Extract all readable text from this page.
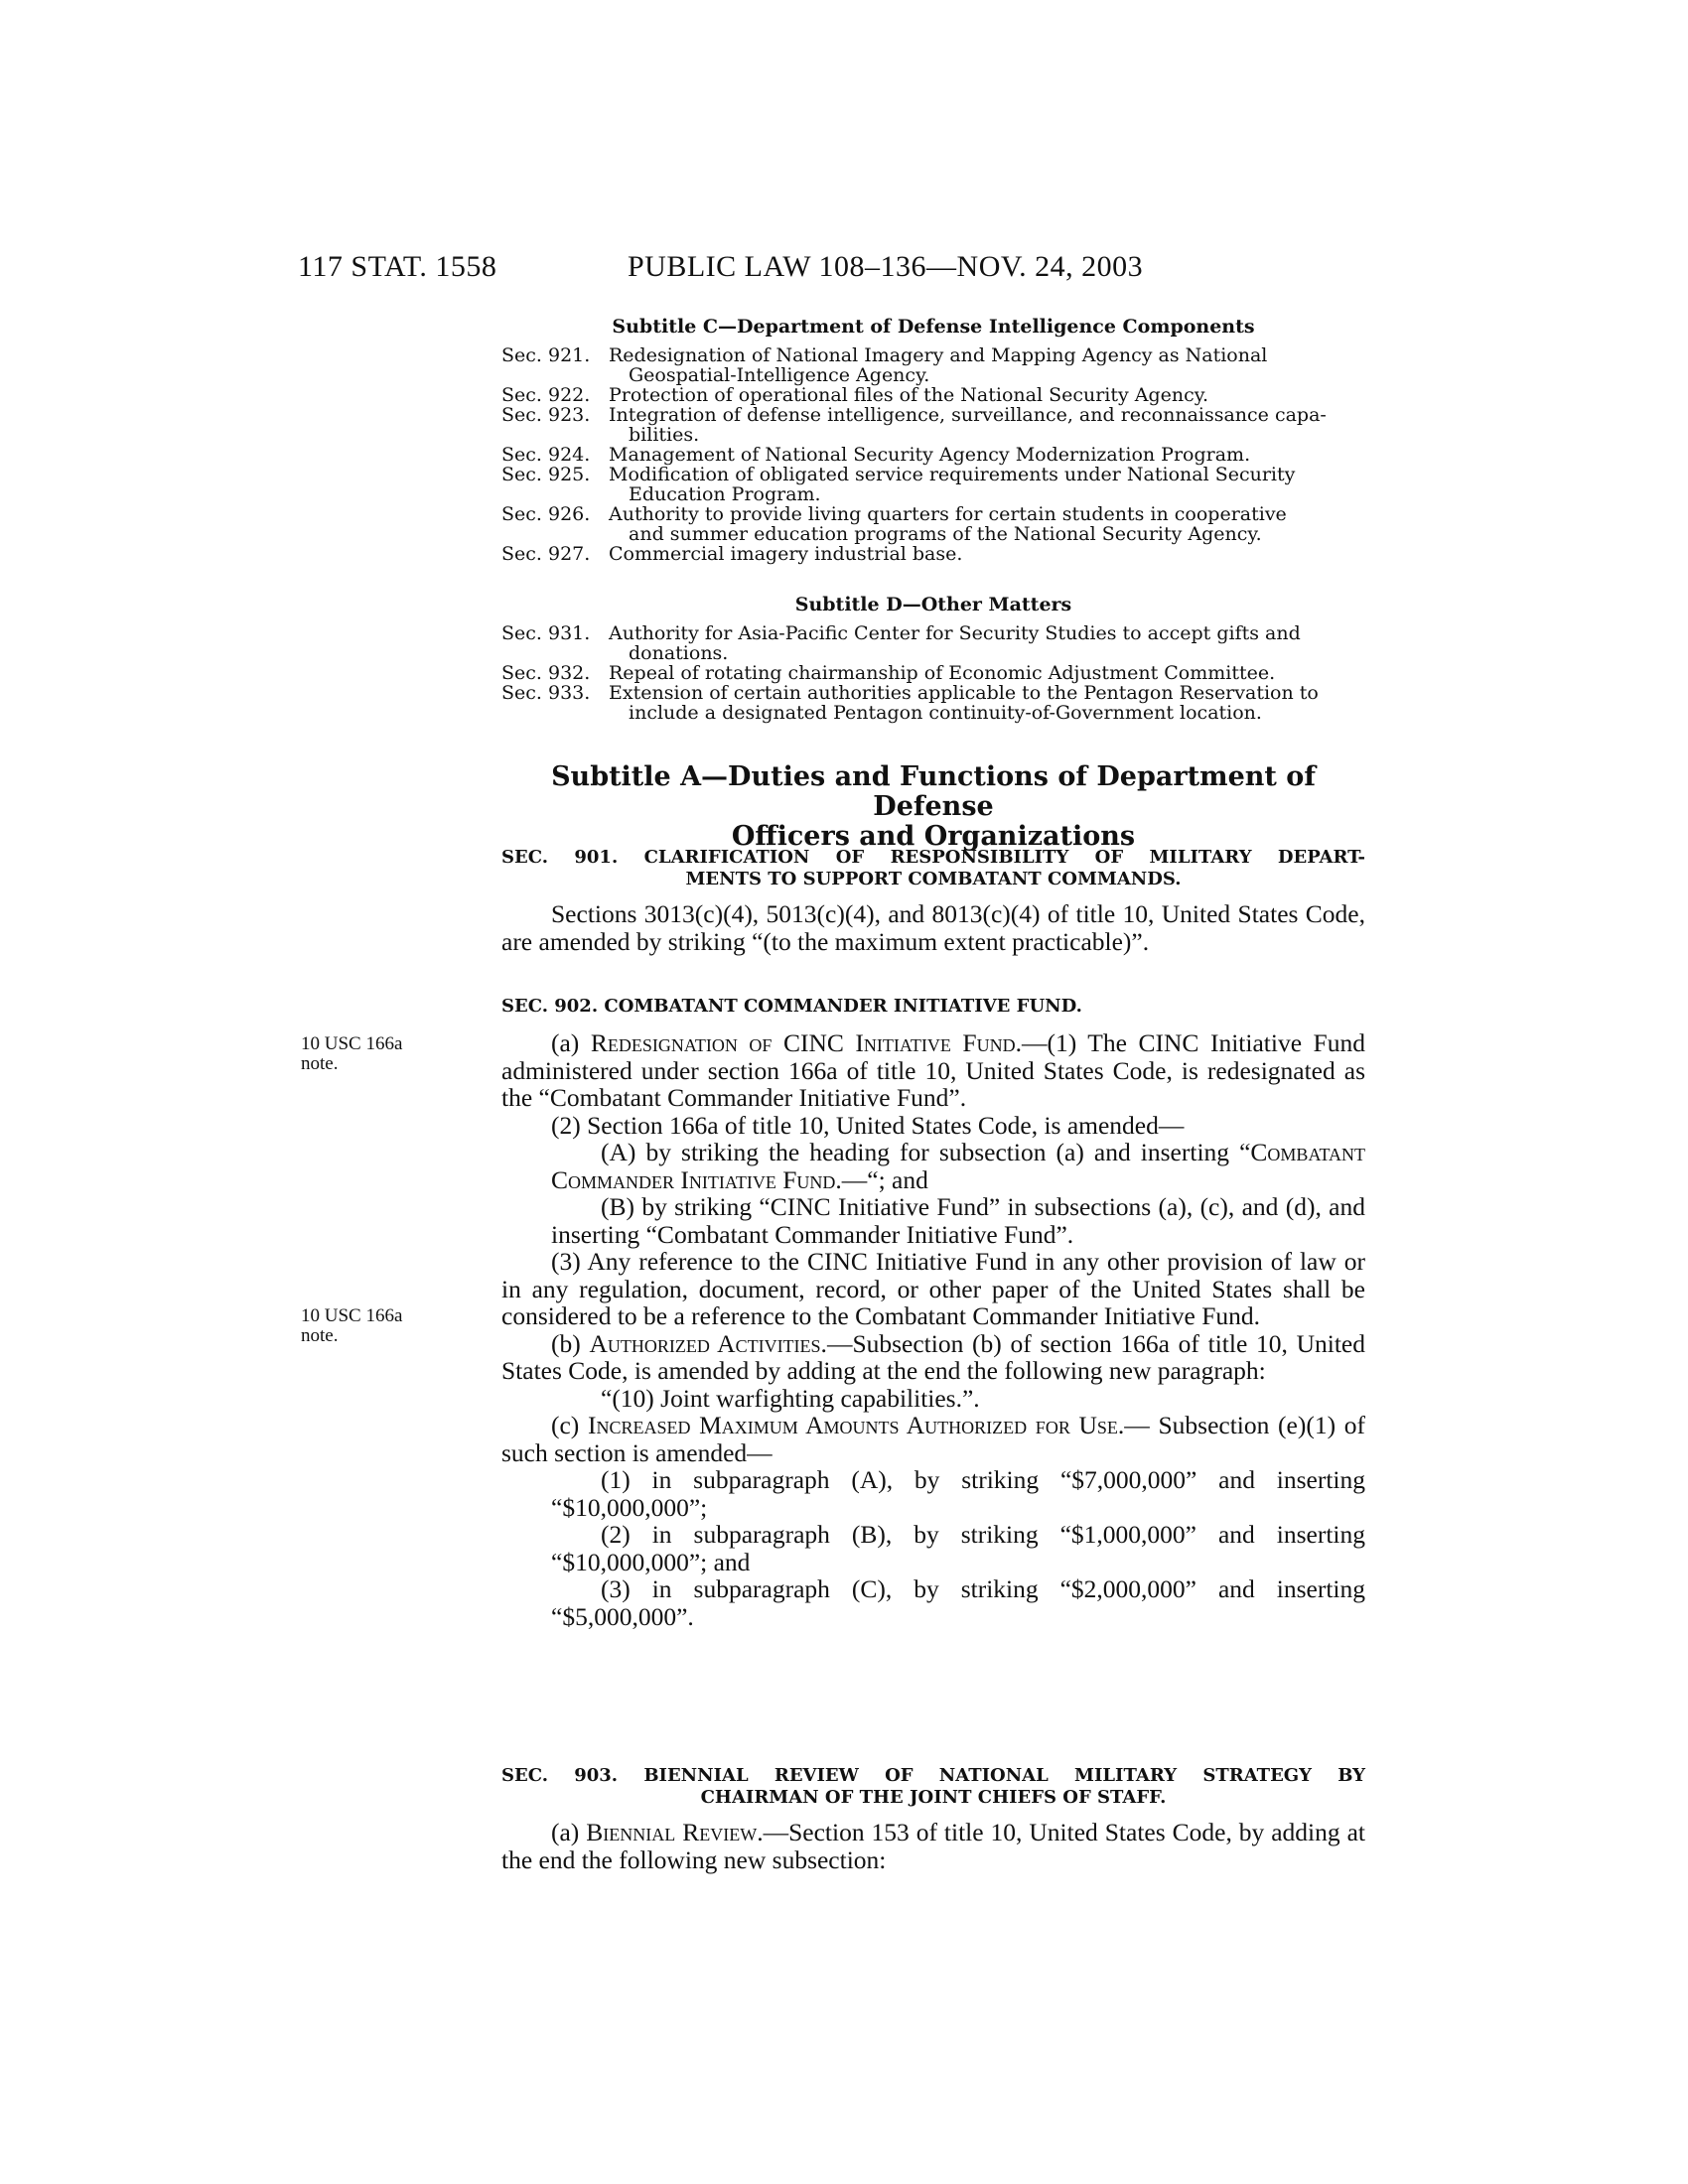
117 STAT. 1558	PUBLIC LAW 108–136—NOV. 24, 2003
Subtitle C—Department of Defense Intelligence Components
Sec. 921. Redesignation of National Imagery and Mapping Agency as National
Geospatial-Intelligence Agency.
Sec. 922. Protection of operational files of the National Security Agency.
Sec. 923. Integration of defense intelligence, surveillance, and reconnaissance capa-
bilities.
Sec. 924. Management of National Security Agency Modernization Program.
Sec. 925. Modification of obligated service requirements under National Security
Education Program.
Sec. 926. Authority to provide living quarters for certain students in cooperative
and summer education programs of the National Security Agency.
Sec. 927. Commercial imagery industrial base.
Subtitle D—Other Matters
Sec. 931. Authority for Asia-Pacific Center for Security Studies to accept gifts and
donations.
Sec. 932. Repeal of rotating chairmanship of Economic Adjustment Committee.
Sec. 933. Extension of certain authorities applicable to the Pentagon Reservation to
include a designated Pentagon continuity-of-Government location.
Subtitle A—Duties and Functions of Department of Defense
Officers and Organizations
SEC. 901. CLARIFICATION OF RESPONSIBILITY OF MILITARY DEPART-
MENTS TO SUPPORT COMBATANT COMMANDS.

Sections 3013(c)(4), 5013(c)(4), and 8013(c)(4) of title 10, United States Code, are amended by striking “(to the maximum extent practicable)”.

SEC. 902. COMBATANT COMMANDER INITIATIVE FUND.
10 USC 166a
note.
10 USC 166a
note.

(a) Redesignation of CINC Initiative Fund.—(1) The CINC Initiative Fund administered under section 166a of title 10, United States Code, is redesignated as the “Combatant Commander Initiative Fund”.

(2) Section 166a of title 10, United States Code, is amended—

(A) by striking the heading for subsection (a) and inserting “Combatant Commander Initiative Fund.—“; and

(B) by striking “CINC Initiative Fund” in subsections (a), (c), and (d), and inserting “Combatant Commander Initiative Fund”.

(3) Any reference to the CINC Initiative Fund in any other provision of law or in any regulation, document, record, or other paper of the United States shall be considered to be a reference to the Combatant Commander Initiative Fund.

(b) Authorized Activities.—Subsection (b) of section 166a of title 10, United States Code, is amended by adding at the end the following new paragraph:

“(10) Joint warfighting capabilities.”.

(c) Increased Maximum Amounts Authorized for Use.— Subsection (e)(1) of such section is amended—

(1) in subparagraph (A), by striking “$7,000,000” and inserting “$10,000,000”;

(2) in subparagraph (B), by striking “$1,000,000” and inserting “$10,000,000”; and

(3) in subparagraph (C), by striking “$2,000,000” and inserting “$5,000,000”.

SEC. 903. BIENNIAL REVIEW OF NATIONAL MILITARY STRATEGY BY
CHAIRMAN OF THE JOINT CHIEFS OF STAFF.

(a) Biennial Review.—Section 153 of title 10, United States Code, by adding at the end the following new subsection:
